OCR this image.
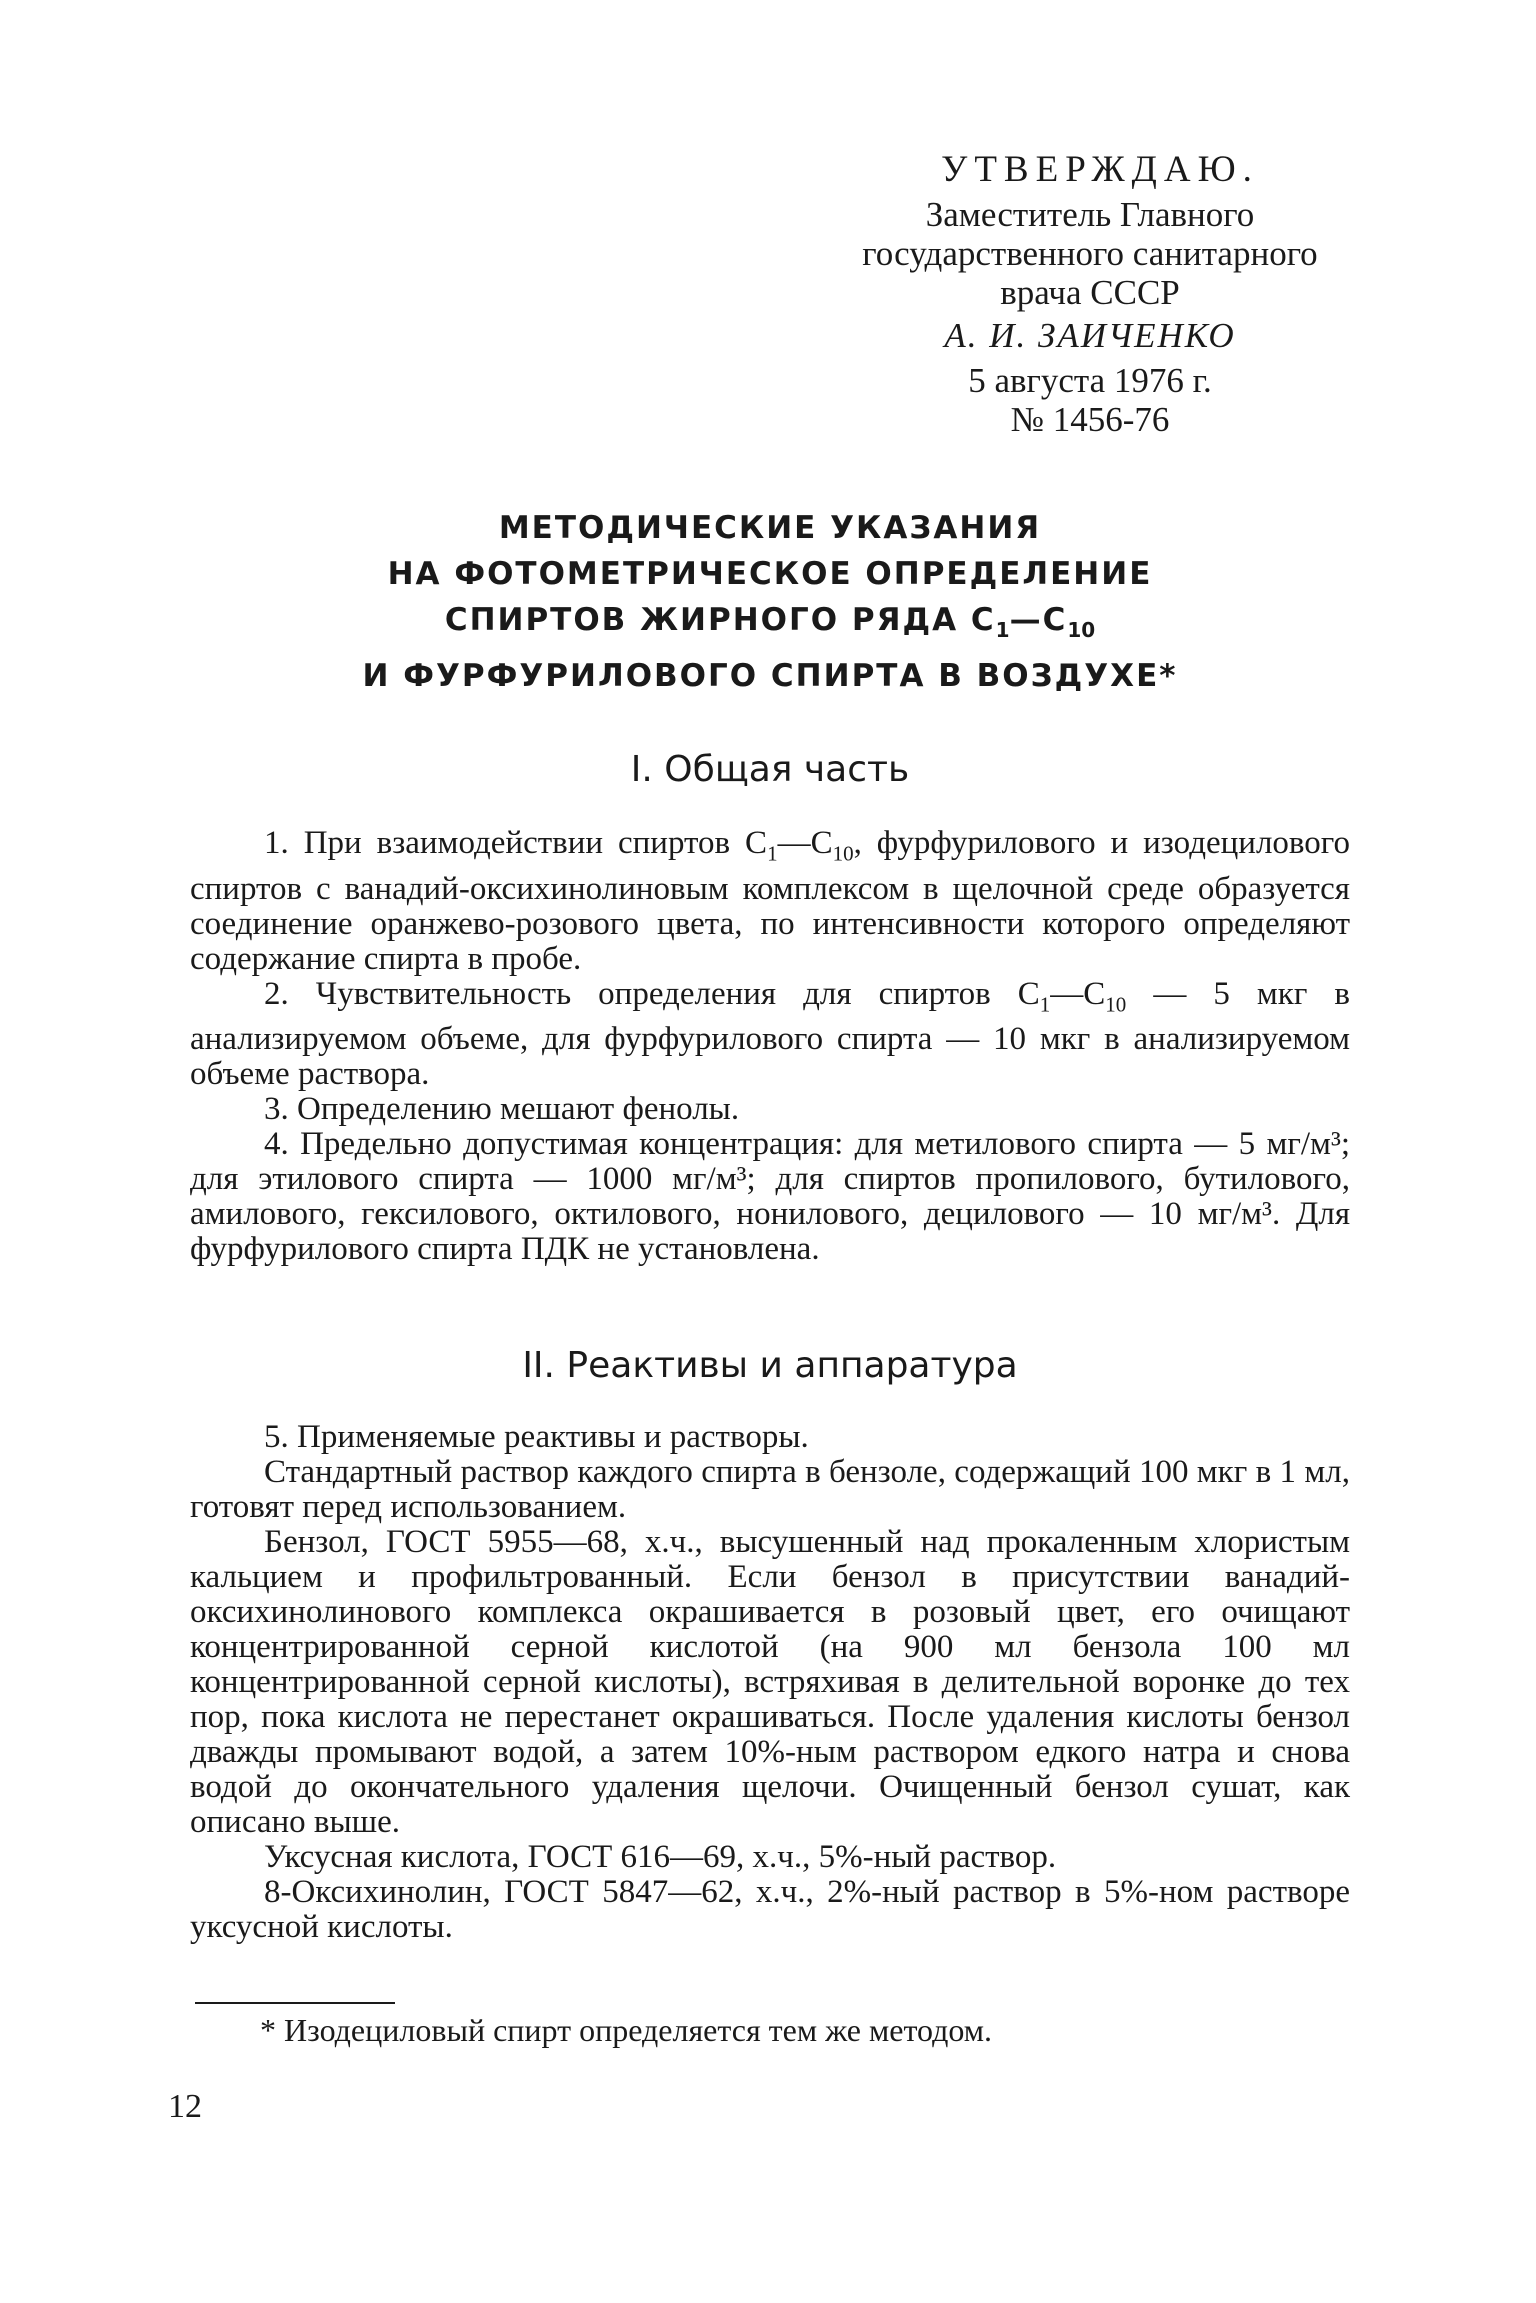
УТВЕРЖДАЮ.
Заместитель Главного
государственного санитарного
врача СССР
А. И. ЗАИЧЕНКО
5 августа 1976 г.
№ 1456-76
МЕТОДИЧЕСКИЕ УКАЗАНИЯ
НА ФОТОМЕТРИЧЕСКОЕ ОПРЕДЕЛЕНИЕ
СПИРТОВ ЖИРНОГО РЯДА $C_1—C_{10}$
И ФУРФУРИЛОВОГО СПИРТА В ВОЗДУХЕ*
I. Общая часть

1. При взаимодействии спиртов $C_1—C_{10}$, фурфурилового и изодецилового спиртов с ванадий-оксихинолиновым комплексом в щелочной среде образуется соединение оранжево-розового цвета, по интенсивности которого определяют содержание спирта в пробе.

2. Чувствительность определения для спиртов $C_1—C_{10}$ — 5 мкг в анализируемом объеме, для фурфурилового спирта — 10 мкг в анализируемом объеме раствора.

3. Определению мешают фенолы.

4. Предельно допустимая концентрация: для метилового спирта — 5 мг/м³; для этилового спирта — 1000 мг/м³; для спиртов пропилового, бутилового, амилового, гексилового, октилового, нонилового, децилового — 10 мг/м³. Для фурфурилового спирта ПДК не установлена.

II. Реактивы и аппаратура

5. Применяемые реактивы и растворы.

Стандартный раствор каждого спирта в бензоле, содержащий 100 мкг в 1 мл, готовят перед использованием.

Бензол, ГОСТ 5955—68, х.ч., высушенный над прокаленным хлористым кальцием и профильтрованный. Если бензол в присутствии ванадий-оксихинолинового комплекса окрашивается в розовый цвет, его очищают концентрированной серной кислотой (на 900 мл бензола 100 мл концентрированной серной кислоты), встряхивая в делительной воронке до тех пор, пока кислота не перестанет окрашиваться. После удаления кислоты бензол дважды промывают водой, а затем 10%-ным раствором едкого натра и снова водой до окончательного удаления щелочи. Очищенный бензол сушат, как описано выше.

Уксусная кислота, ГОСТ 616—69, х.ч., 5%-ный раствор.

8-Оксихинолин, ГОСТ 5847—62, х.ч., 2%-ный раствор в 5%-ном растворе уксусной кислоты.

* Изодециловый спирт определяется тем же методом.
12
